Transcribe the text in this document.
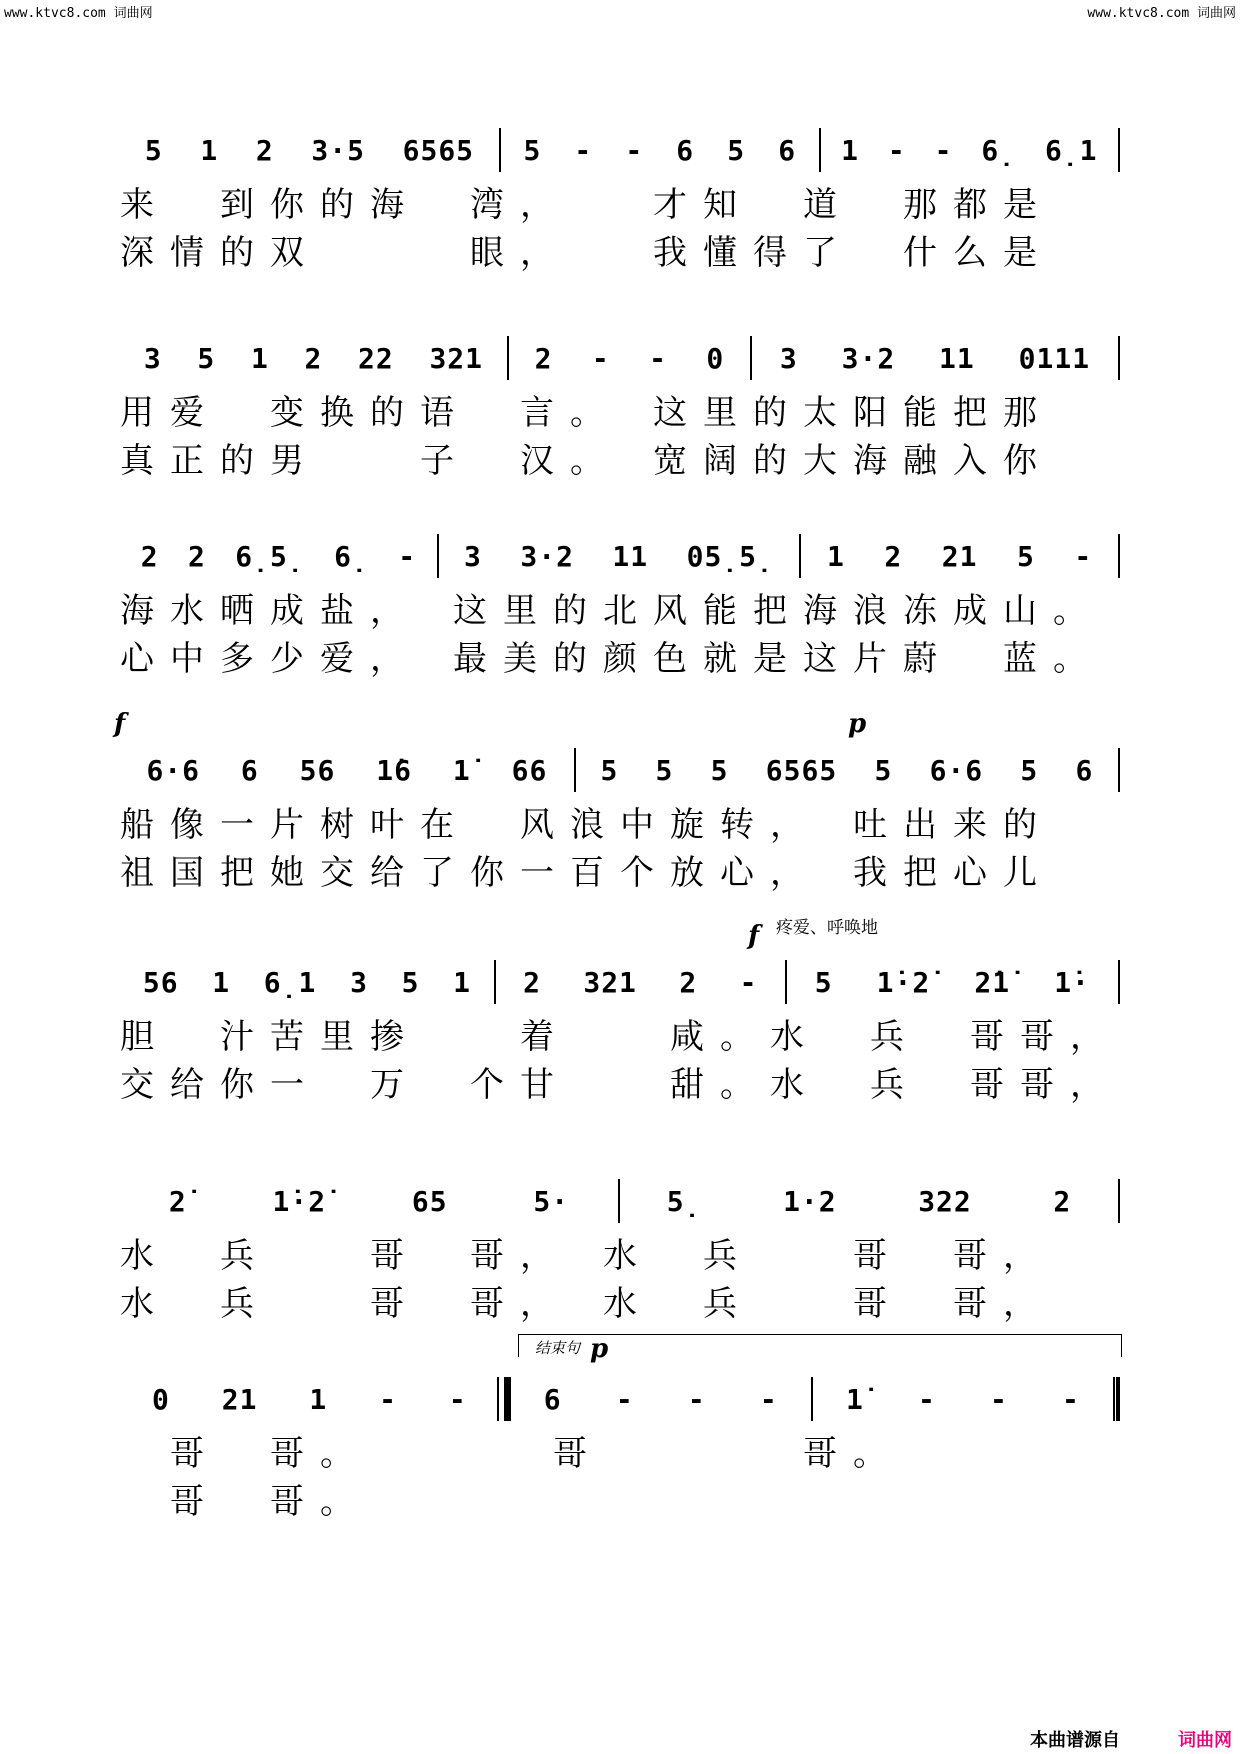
www.ktvc8.com 词曲网	www.ktvc8.com 词曲网
5 1 2 3·5 6565 5 - - 6 5 6 1 - - 6̣ 6̣1
来　到你的海　湾，　　才知　道　那都是
深情的双　　　眼，　　我懂得了　什么是
3 5 1 2 22 321 2 - - 0 3 3·2 11 0111
用爱　变换的语　言。　这里的太阳能把那
真正的男　　子　汉。　宽阔的大海融入你
2 2 6̣5̣ 6̣ - 3 3·2 11 05̣5̣ 1 2 21 5 -
海水晒成盐，　这里的北风能把海浪冻成山。
心中多少爱，　最美的颜色就是这片蔚　蓝。
6·6 6 56 1̇6 1̇ 66 5 5 5 6565 5 6·6 5 6
f	p
船像一片树叶在　风浪中旋转，　吐出来的
祖国把她交给了你一百个放心，　我把心儿
56 1 6̣1 3 5 1 2 321 2 - 5 1̇·2̇ 2̇1̇ 1̇·
f 疼爱、呼唤地
胆　汁苦里掺　　着　　咸。水　兵　哥哥，
交给你一　万　个甘　　甜。水　兵　哥哥，
2̇	1̇·2̇	65	5·	5̣	1·2	322	2
水　兵　　哥　哥，　水　兵　　哥　哥，
水　兵　　哥　哥，　水　兵　　哥　哥，
0 21 1 - - :	6 - - - 1̇ - - -
p
结束句
　哥　哥。　　　　哥　　　　哥。
　哥　哥。
本曲谱源自	词曲网
